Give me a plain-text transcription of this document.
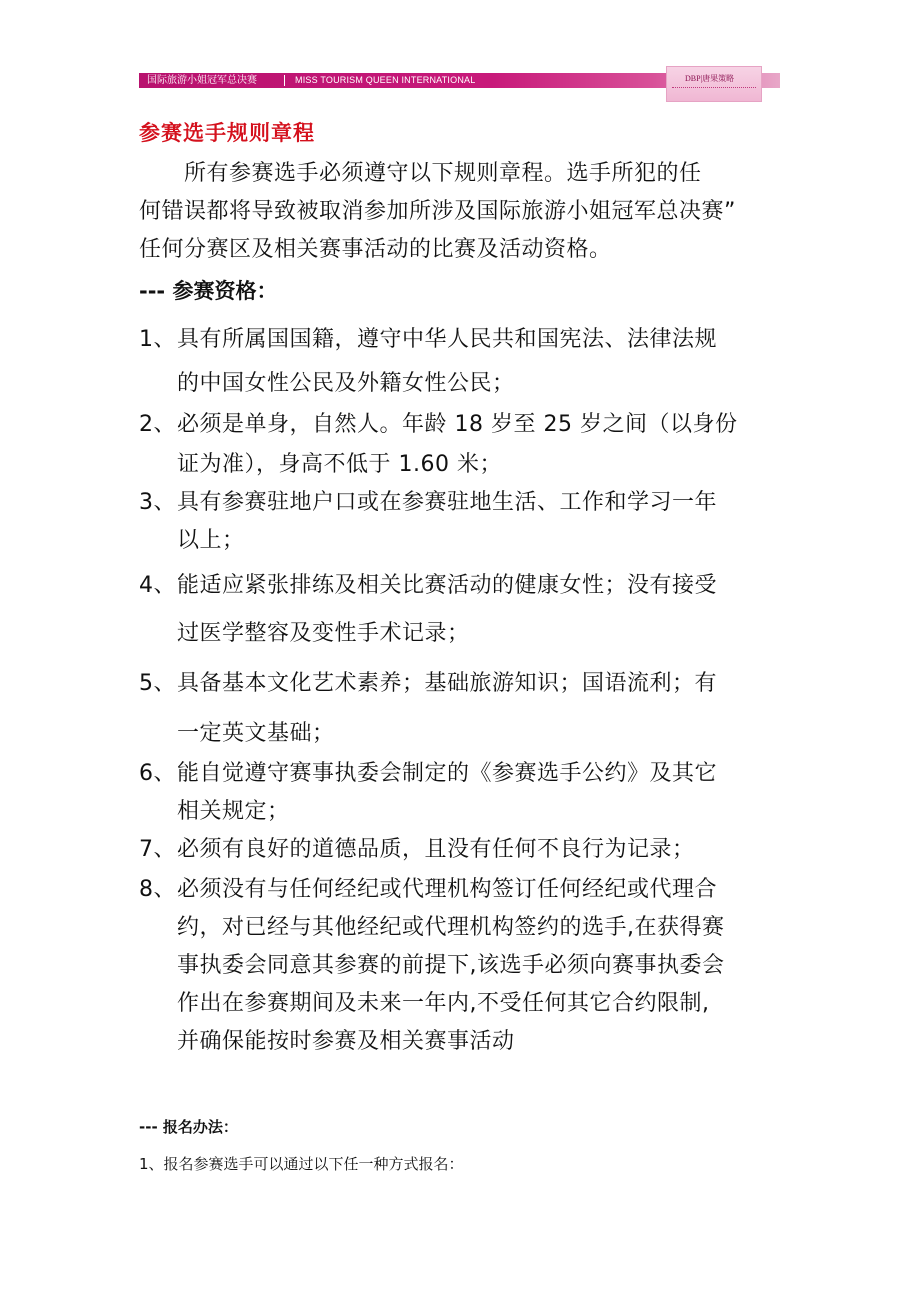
国际旅游小姐冠军总决赛	MISS TOURISM QUEEN INTERNATIONAL	DBP|唐果策略
参赛选手规则章程
　　所有参赛选手必须遵守以下规则章程。选手所犯的任
何错误都将导致被取消参加所涉及国际旅游小姐冠军总决赛”
任何分赛区及相关赛事活动的比赛及活动资格。
--- 参赛资格：
1、 具有所属国国籍，遵守中华人民共和国宪法、法律法规
的中国女性公民及外籍女性公民；
2、 必须是单身，自然人。年龄 18 岁至 25 岁之间（以身份
证为准），身高不低于 1.60 米；
3、 具有参赛驻地户口或在参赛驻地生活、工作和学习一年
以上；
4、 能适应紧张排练及相关比赛活动的健康女性；没有接受
过医学整容及变性手术记录；
5、 具备基本文化艺术素养；基础旅游知识；国语流利；有
一定英文基础；
6、 能自觉遵守赛事执委会制定的《参赛选手公约》及其它
相关规定；
7、 必须有良好的道德品质，且没有任何不良行为记录；
8、 必须没有与任何经纪或代理机构签订任何经纪或代理合
约，对已经与其他经纪或代理机构签约的选手,在获得赛
事执委会同意其参赛的前提下,该选手必须向赛事执委会
作出在参赛期间及未来一年内,不受任何其它合约限制,
并确保能按时参赛及相关赛事活动
--- 报名办法：
1、报名参赛选手可以通过以下任一种方式报名：
